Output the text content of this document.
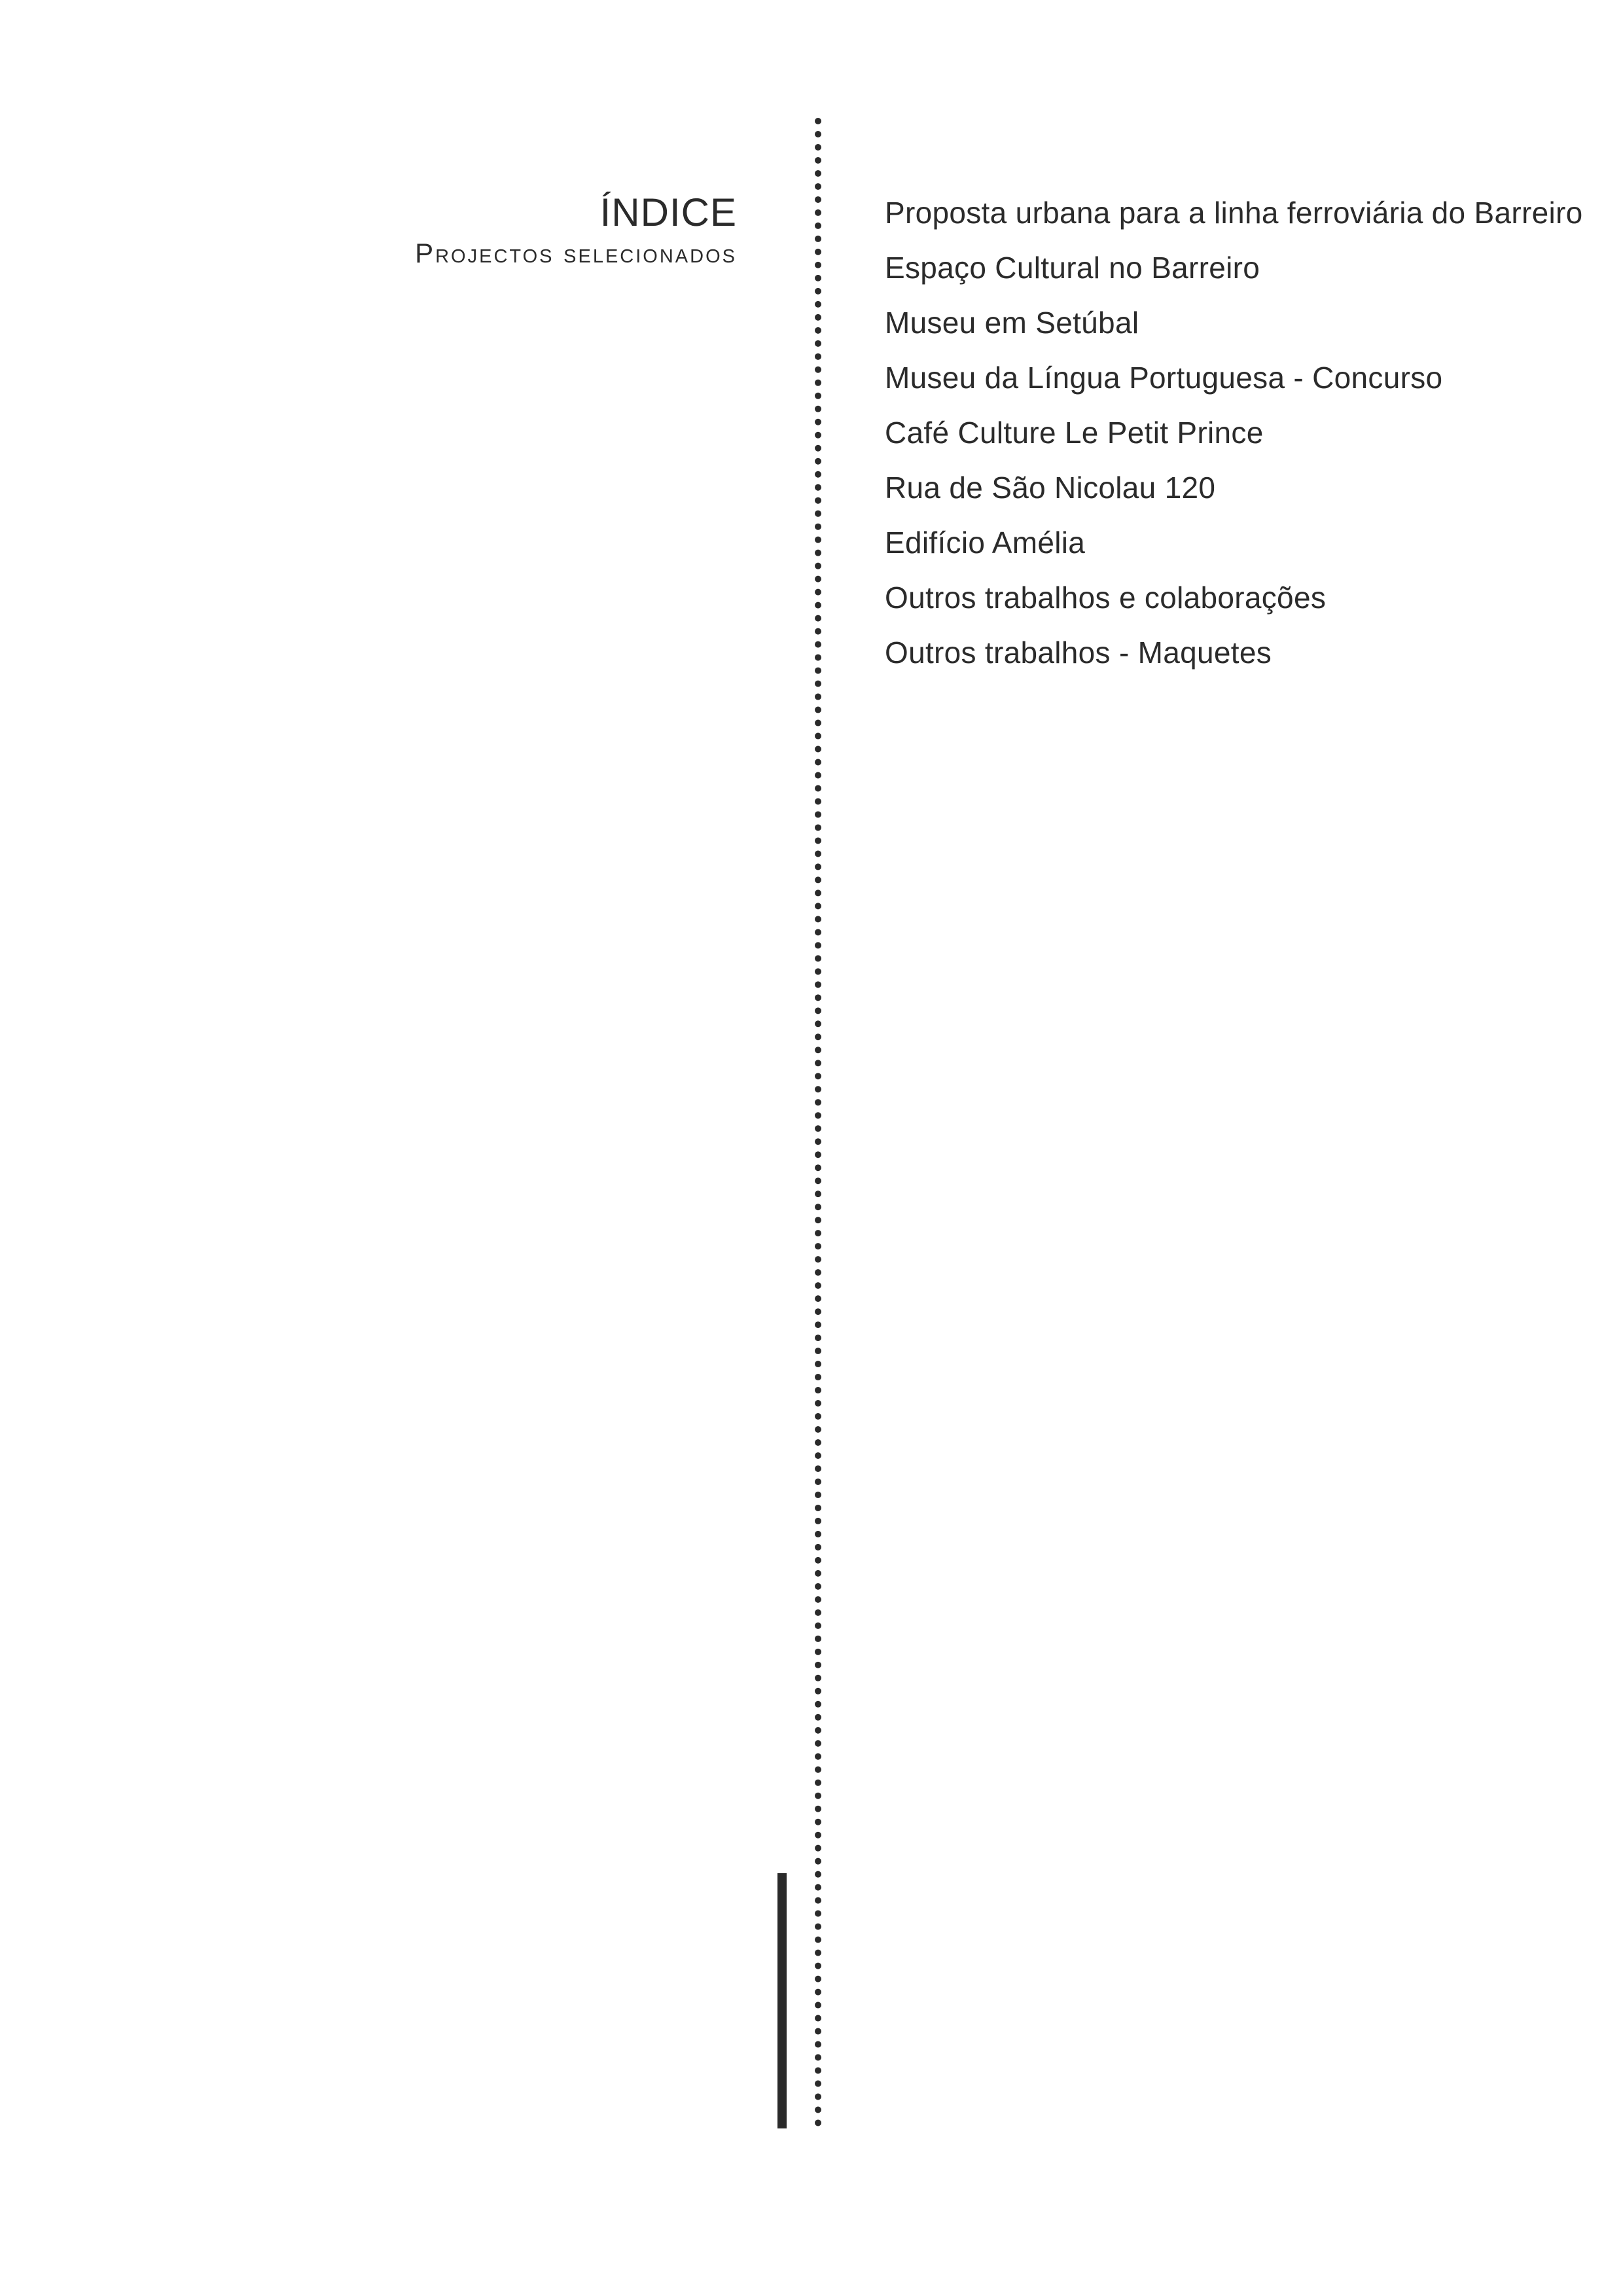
ÍNDICE
Projectos selecionados
Proposta urbana para a linha ferroviária do Barreiro
Espaço Cultural no Barreiro
Museu em Setúbal
Museu da Língua Portuguesa - Concurso
Café Culture Le Petit Prince
Rua de São Nicolau 120
Edifício Amélia
Outros trabalhos e colaborações
Outros trabalhos - Maquetes
